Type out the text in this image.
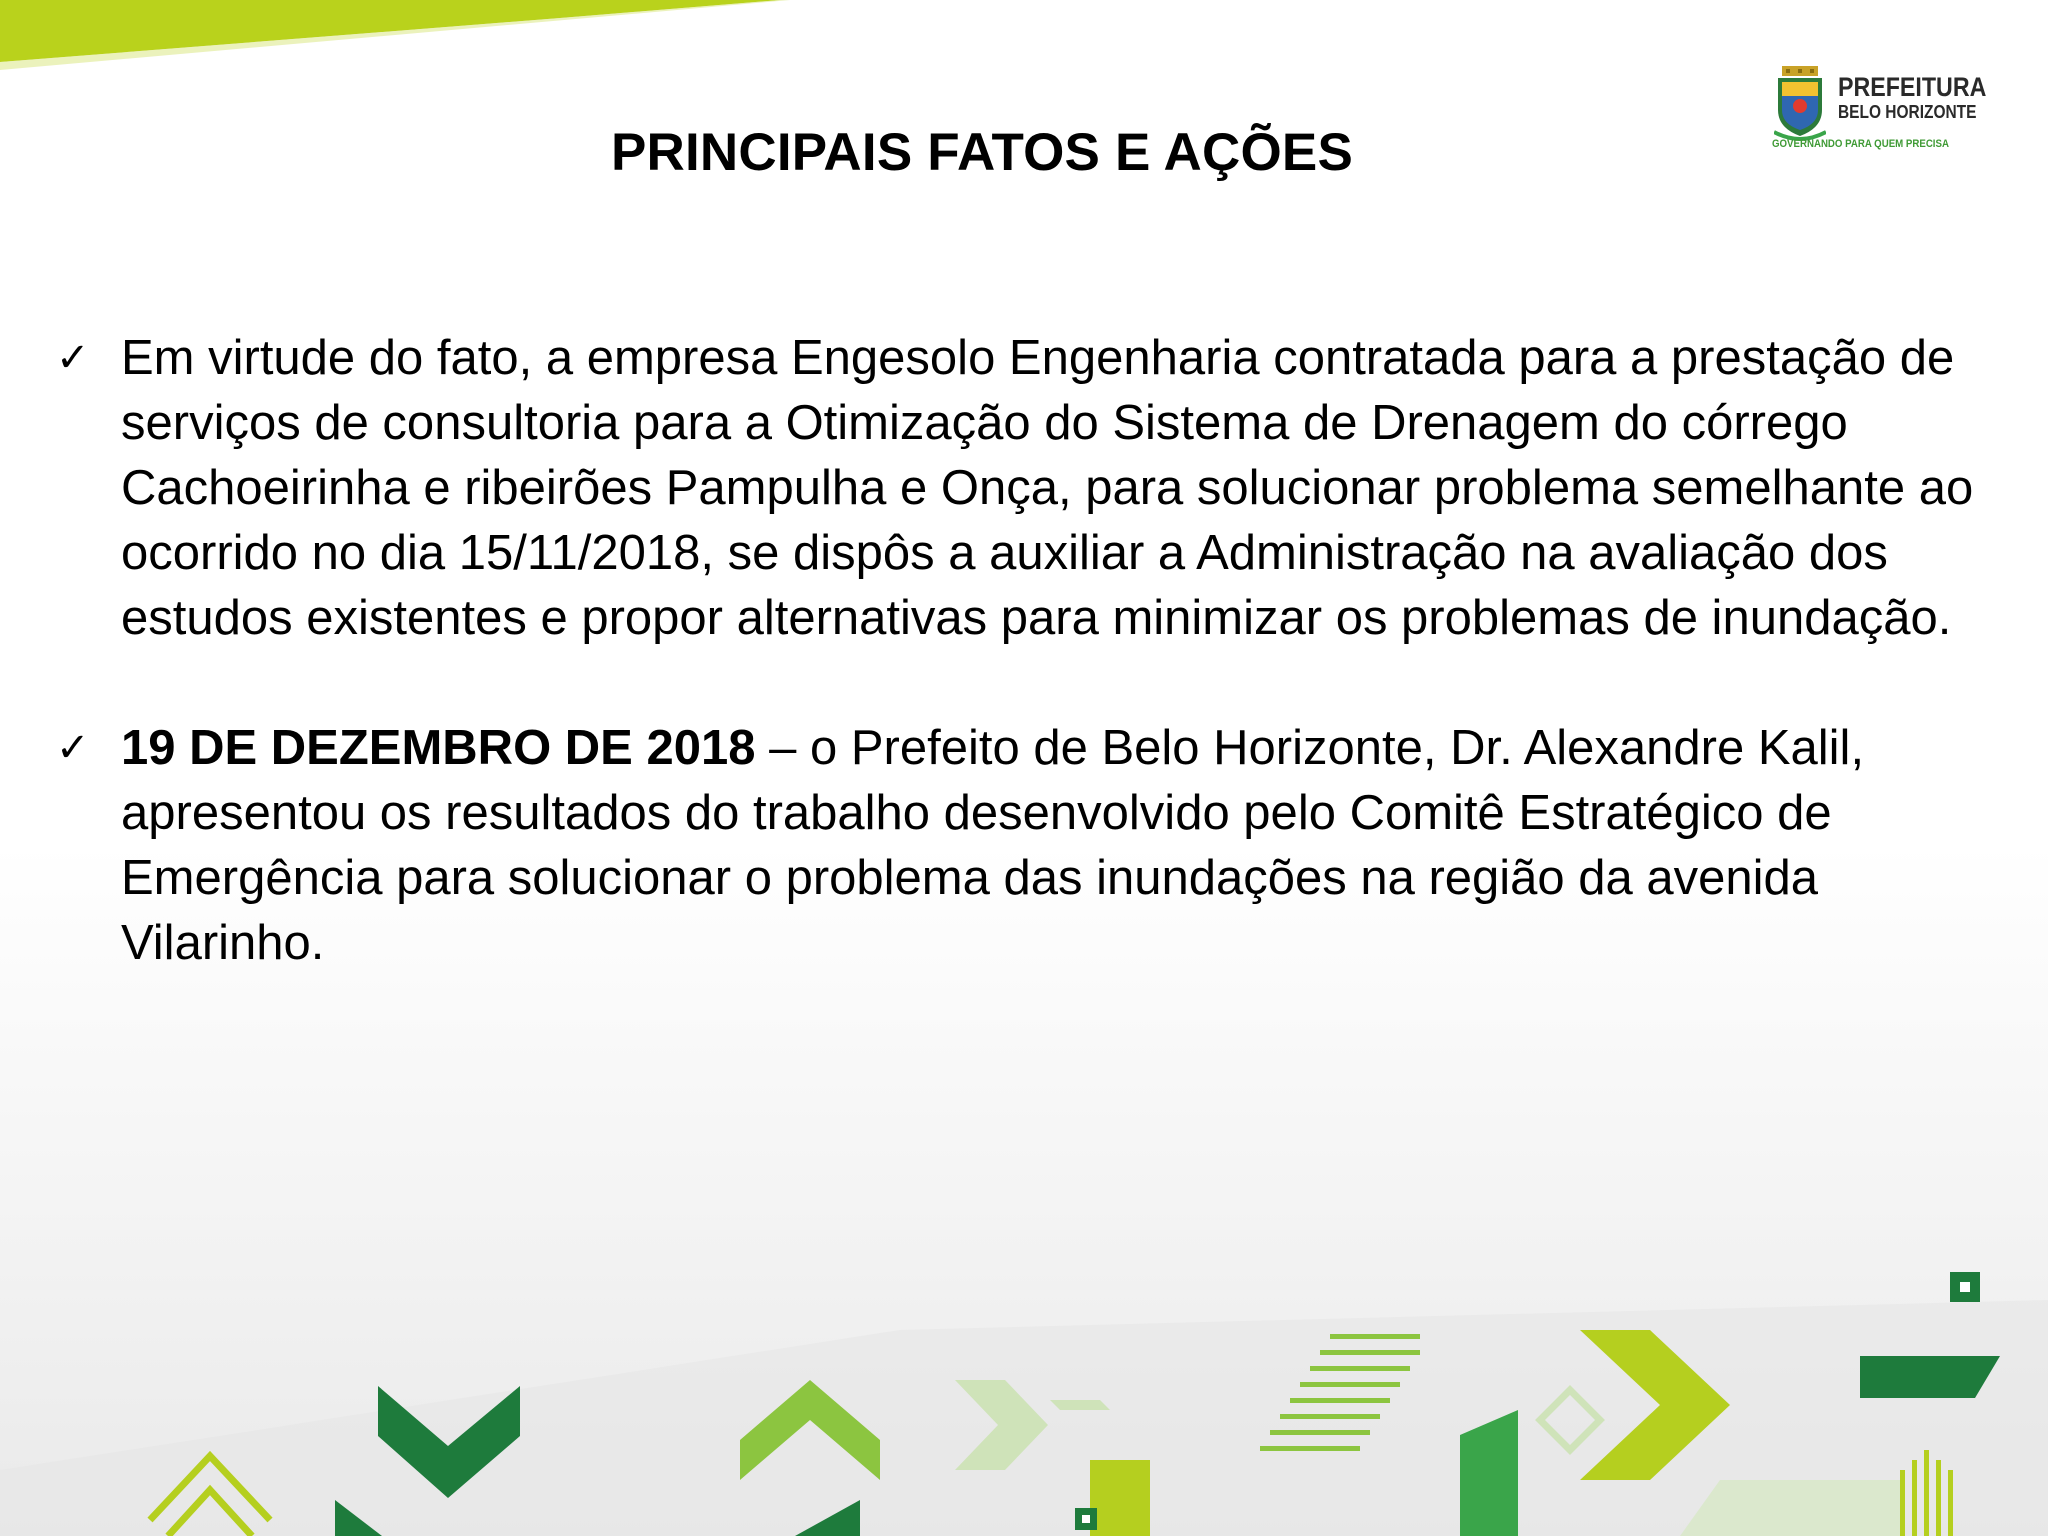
PREFEITURA
BELO HORIZONTE
GOVERNANDO PARA QUEM PRECISA
PRINCIPAIS FATOS E AÇÕES
✓ Em virtude do fato, a empresa Engesolo Engenharia contratada para a prestação de serviços de consultoria para a Otimização do Sistema de Drenagem do córrego Cachoeirinha e ribeirões Pampulha e Onça, para solucionar problema semelhante ao ocorrido no dia 15/11/2018, se dispôs a auxiliar a Administração na avaliação dos estudos existentes e propor alternativas para minimizar os problemas de inundação.
✓ 19 DE DEZEMBRO DE 2018 – o Prefeito de Belo Horizonte, Dr. Alexandre Kalil, apresentou os resultados do trabalho desenvolvido pelo Comitê Estratégico de Emergência para solucionar o problema das inundações na região da avenida Vilarinho.
